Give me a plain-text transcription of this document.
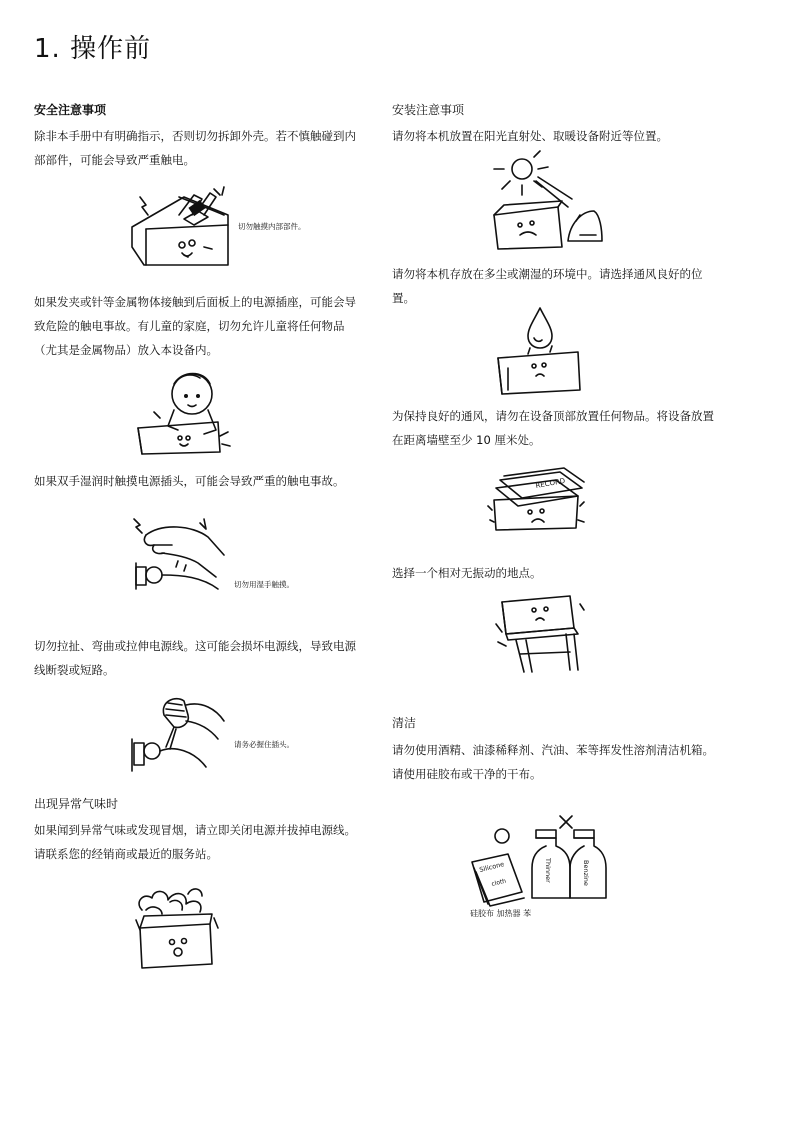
1. 操作前
安全注意事项
除非本手册中有明确指示，否则切勿拆卸外壳。若不慎触碰到内部部件，可能会导致严重触电。
切勿触摸内部部件。
如果发夹或针等金属物体接触到后面板上的电源插座，可能会导致危险的触电事故。有儿童的家庭，切勿允许儿童将任何物品（尤其是金属物品）放入本设备内。
如果双手湿润时触摸电源插头，可能会导致严重的触电事故。
切勿用湿手触摸。
切勿拉扯、弯曲或拉伸电源线。这可能会损坏电源线，导致电源线断裂或短路。
请务必握住插头。
出现异常气味时
如果闻到异常气味或发现冒烟，请立即关闭电源并拔掉电源线。请联系您的经销商或最近的服务站。
安装注意事项
请勿将本机放置在阳光直射处、取暖设备附近等位置。
请勿将本机存放在多尘或潮湿的环境中。请选择通风良好的位置。
为保持良好的通风，请勿在设备顶部放置任何物品。将设备放置在距离墙壁至少 10 厘米处。
RECORD
选择一个相对无振动的地点。
清洁
请勿使用酒精、油漆稀释剂、汽油、苯等挥发性溶剂清洁机箱。请使用硅胶布或干净的干布。
Silicone
cloth	Thinner	Benzine
硅胶布 加热器 苯
